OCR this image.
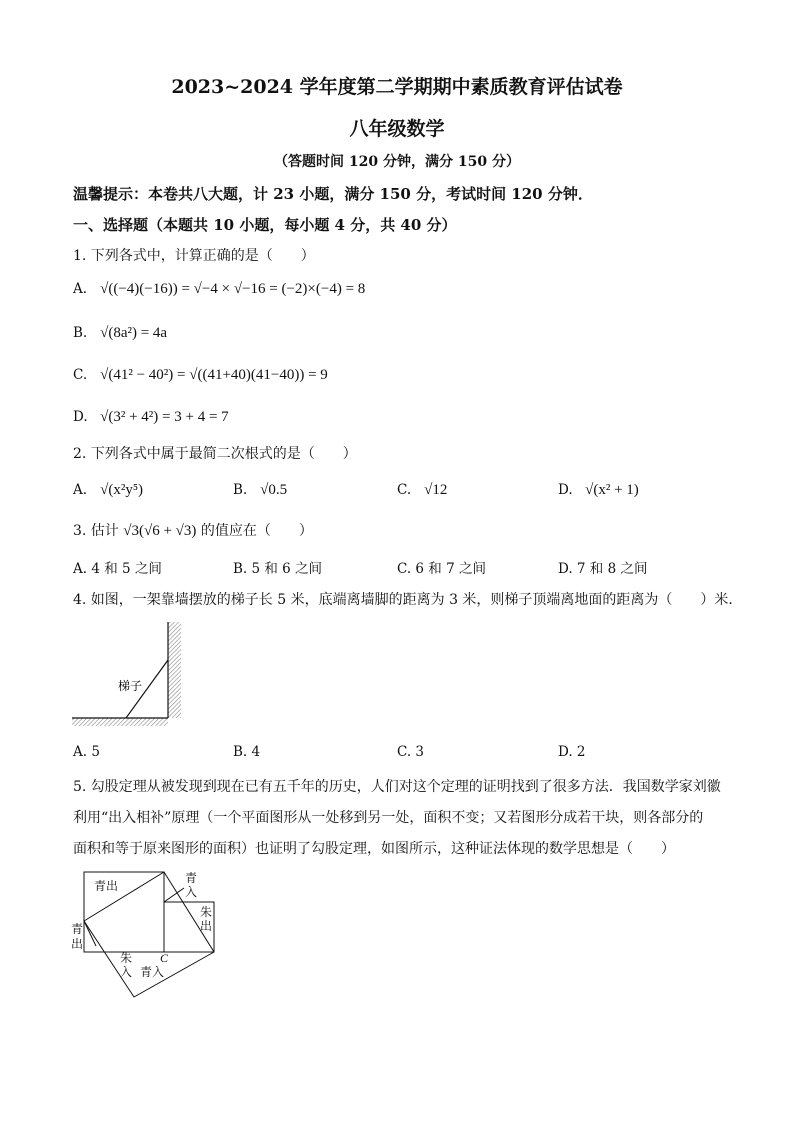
2023~2024 学年度第二学期期中素质教育评估试卷
八年级数学
（答题时间 120 分钟，满分 150 分）
温馨提示：本卷共八大题，计 23 小题，满分 150 分，考试时间 120 分钟．
一、选择题（本题共 10 小题，每小题 4 分，共 40 分）
1. 下列各式中，计算正确的是（　　）
A. √((−4)(−16)) = √−4 × √−16 = (−2)×(−4) = 8
B. √(8a²) = 4a
C. √(41² − 40²) = √((41+40)(41−40)) = 9
D. √(3² + 4²) = 3 + 4 = 7
2. 下列各式中属于最简二次根式的是（　　）
A. √(x²y⁵)	B. √0.5	C. √12	D. √(x² + 1)
3. 估计 √3(√6 + √3) 的值应在（　　）
A. 4 和 5 之间	B. 5 和 6 之间	C. 6 和 7 之间	D. 7 和 8 之间
4. 如图，一架靠墙摆放的梯子长 5 米，底端离墙脚的距离为 3 米，则梯子顶端离地面的距离为（　　）米．
梯子
A. 5	B. 4	C. 3	D. 2
5. 勾股定理从被发现到现在已有五千年的历史，人们对这个定理的证明找到了很多方法．我国数学家刘徽
利用“出入相补”原理（一个平面图形从一处移到另一处，面积不变；又若图形分成若干块，则各部分的
面积和等于原来图形的面积）也证明了勾股定理，如图所示，这种证法体现的数学思想是（　　）
青出
青
入
朱
出
青
出
朱
入
C
青入
